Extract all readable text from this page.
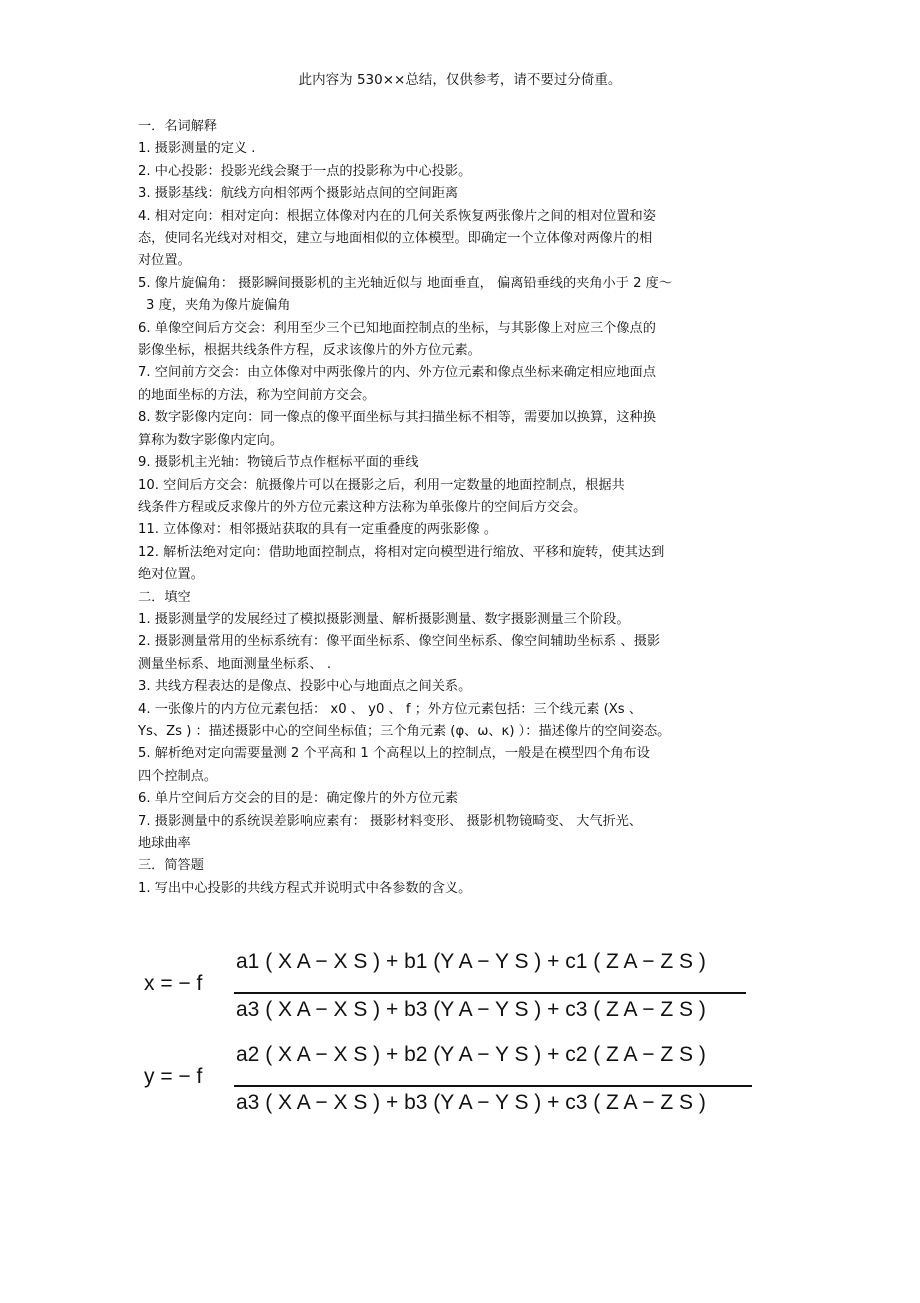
此内容为 530××总结，仅供参考，请不要过分倚重。
一．名词解释
1. 摄影测量的定义 .
2. 中心投影：投影光线会聚于一点的投影称为中心投影。
3. 摄影基线：航线方向相邻两个摄影站点间的空间距离
4. 相对定向：相对定向：根据立体像对内在的几何关系恢复两张像片之间的相对位置和姿
态，使同名光线对对相交，建立与地面相似的立体模型。即确定一个立体像对两像片的相
对位置。
5. 像片旋偏角： 摄影瞬间摄影机的主光轴近似与 地面垂直， 偏离铅垂线的夹角小于 2 度～
3 度，夹角为像片旋偏角
6. 单像空间后方交会：利用至少三个已知地面控制点的坐标，与其影像上对应三个像点的
影像坐标，根据共线条件方程，反求该像片的外方位元素。
7. 空间前方交会：由立体像对中两张像片的内、外方位元素和像点坐标来确定相应地面点
的地面坐标的方法，称为空间前方交会。
8. 数字影像内定向：同一像点的像平面坐标与其扫描坐标不相等，需要加以换算，这种换
算称为数字影像内定向。
9. 摄影机主光轴：物镜后节点作框标平面的垂线
10. 空间后方交会：航摄像片可以在摄影之后，利用一定数量的地面控制点，根据共
线条件方程或反求像片的外方位元素这种方法称为单张像片的空间后方交会。
11. 立体像对：相邻摄站获取的具有一定重叠度的两张影像 。
12. 解析法绝对定向：借助地面控制点，将相对定向模型进行缩放、平移和旋转，使其达到
绝对位置。
二．填空
1. 摄影测量学的发展经过了模拟摄影测量、解析摄影测量、数字摄影测量三个阶段。
2. 摄影测量常用的坐标系统有：像平面坐标系、像空间坐标系、像空间辅助坐标系 、摄影
测量坐标系、地面测量坐标系、 .
3. 共线方程表达的是像点、投影中心与地面点之间关系。
4. 一张像片的内方位元素包括： x0 、 y0 、 f ；外方位元素包括：三个线元素 (Xs 、
Ys、Zs ) ：描述摄影中心的空间坐标值；三个角元素 (φ、ω、κ) ）：描述像片的空间姿态。
5. 解析绝对定向需要量测 2 个平高和 1 个高程以上的控制点，一般是在模型四个角布设
四个控制点。
6. 单片空间后方交会的目的是：确定像片的外方位元素
7. 摄影测量中的系统误差影响应素有： 摄影材料变形、 摄影机物镜畸变、 大气折光、
地球曲率
三．简答题
1. 写出中心投影的共线方程式并说明式中各参数的含义。
x = − f
a1 ( X A − X S ) + b1 (Y A − Y S ) + c1 ( Z A − Z S )
a3 ( X A − X S ) + b3 (Y A − Y S ) + c3 ( Z A − Z S )
y = − f
a2 ( X A − X S ) + b2 (Y A − Y S ) + c2 ( Z A − Z S )
a3 ( X A − X S ) + b3 (Y A − Y S ) + c3 ( Z A − Z S )
